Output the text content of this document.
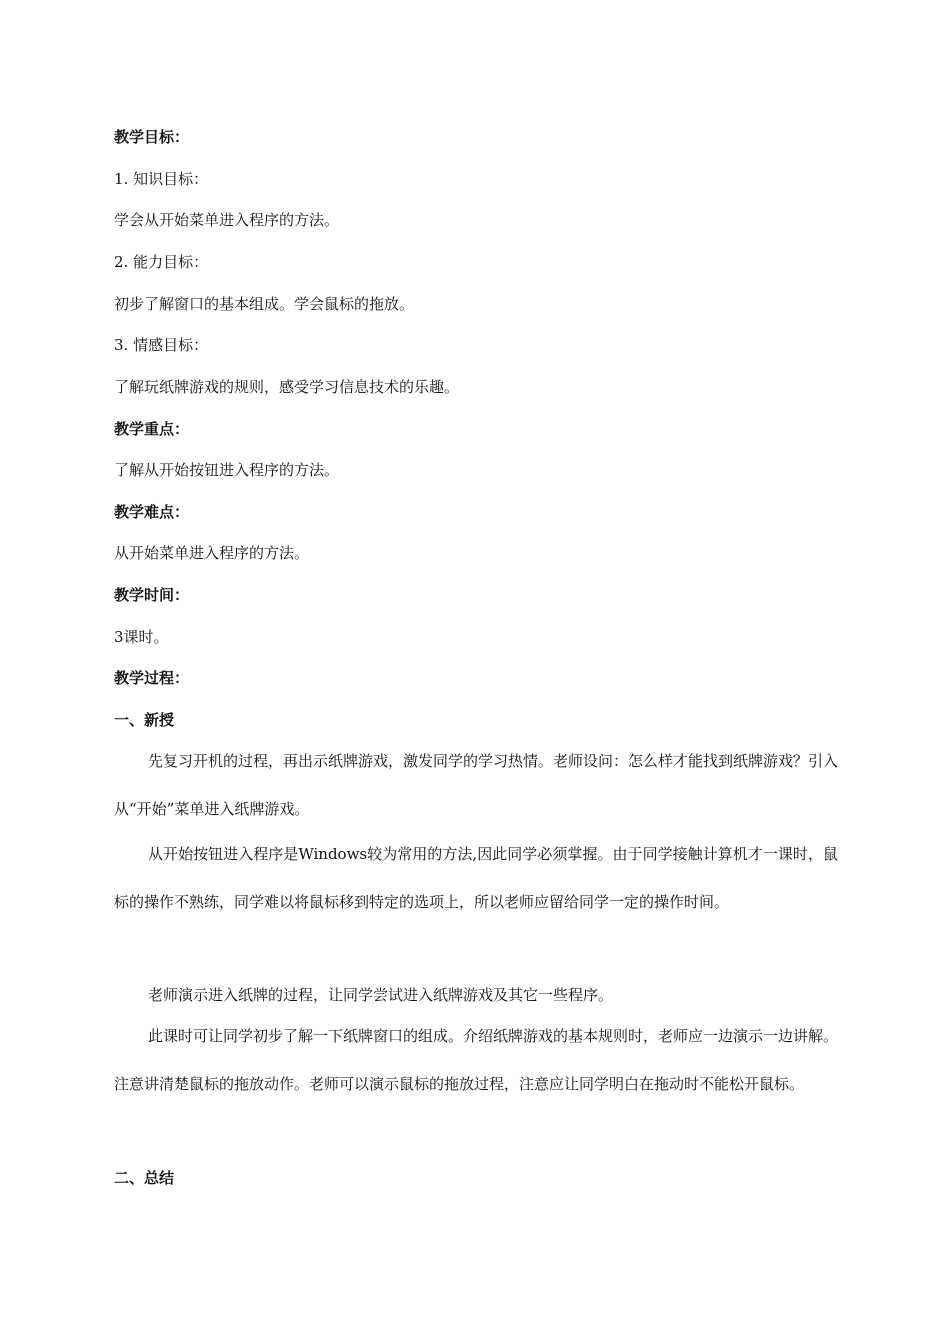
教学目标：
1. 知识目标：
学会从开始菜单进入程序的方法。
2. 能力目标：
初步了解窗口的基本组成。学会鼠标的拖放。
3. 情感目标：
了解玩纸牌游戏的规则，感受学习信息技术的乐趣。
教学重点：
了解从开始按钮进入程序的方法。
教学难点：
从开始菜单进入程序的方法。
教学时间：
3课时。
教学过程：
一、新授
先复习开机的过程，再出示纸牌游戏，激发同学的学习热情。老师设问：怎么样才能找到纸牌游戏？引入从“开始”菜单进入纸牌游戏。
从开始按钮进入程序是Windows较为常用的方法,因此同学必须掌握。由于同学接触计算机才一课时，鼠标的操作不熟练，同学难以将鼠标移到特定的选项上，所以老师应留给同学一定的操作时间。
老师演示进入纸牌的过程，让同学尝试进入纸牌游戏及其它一些程序。
此课时可让同学初步了解一下纸牌窗口的组成。介绍纸牌游戏的基本规则时，老师应一边演示一边讲解。注意讲清楚鼠标的拖放动作。老师可以演示鼠标的拖放过程，注意应让同学明白在拖动时不能松开鼠标。
二、总结
